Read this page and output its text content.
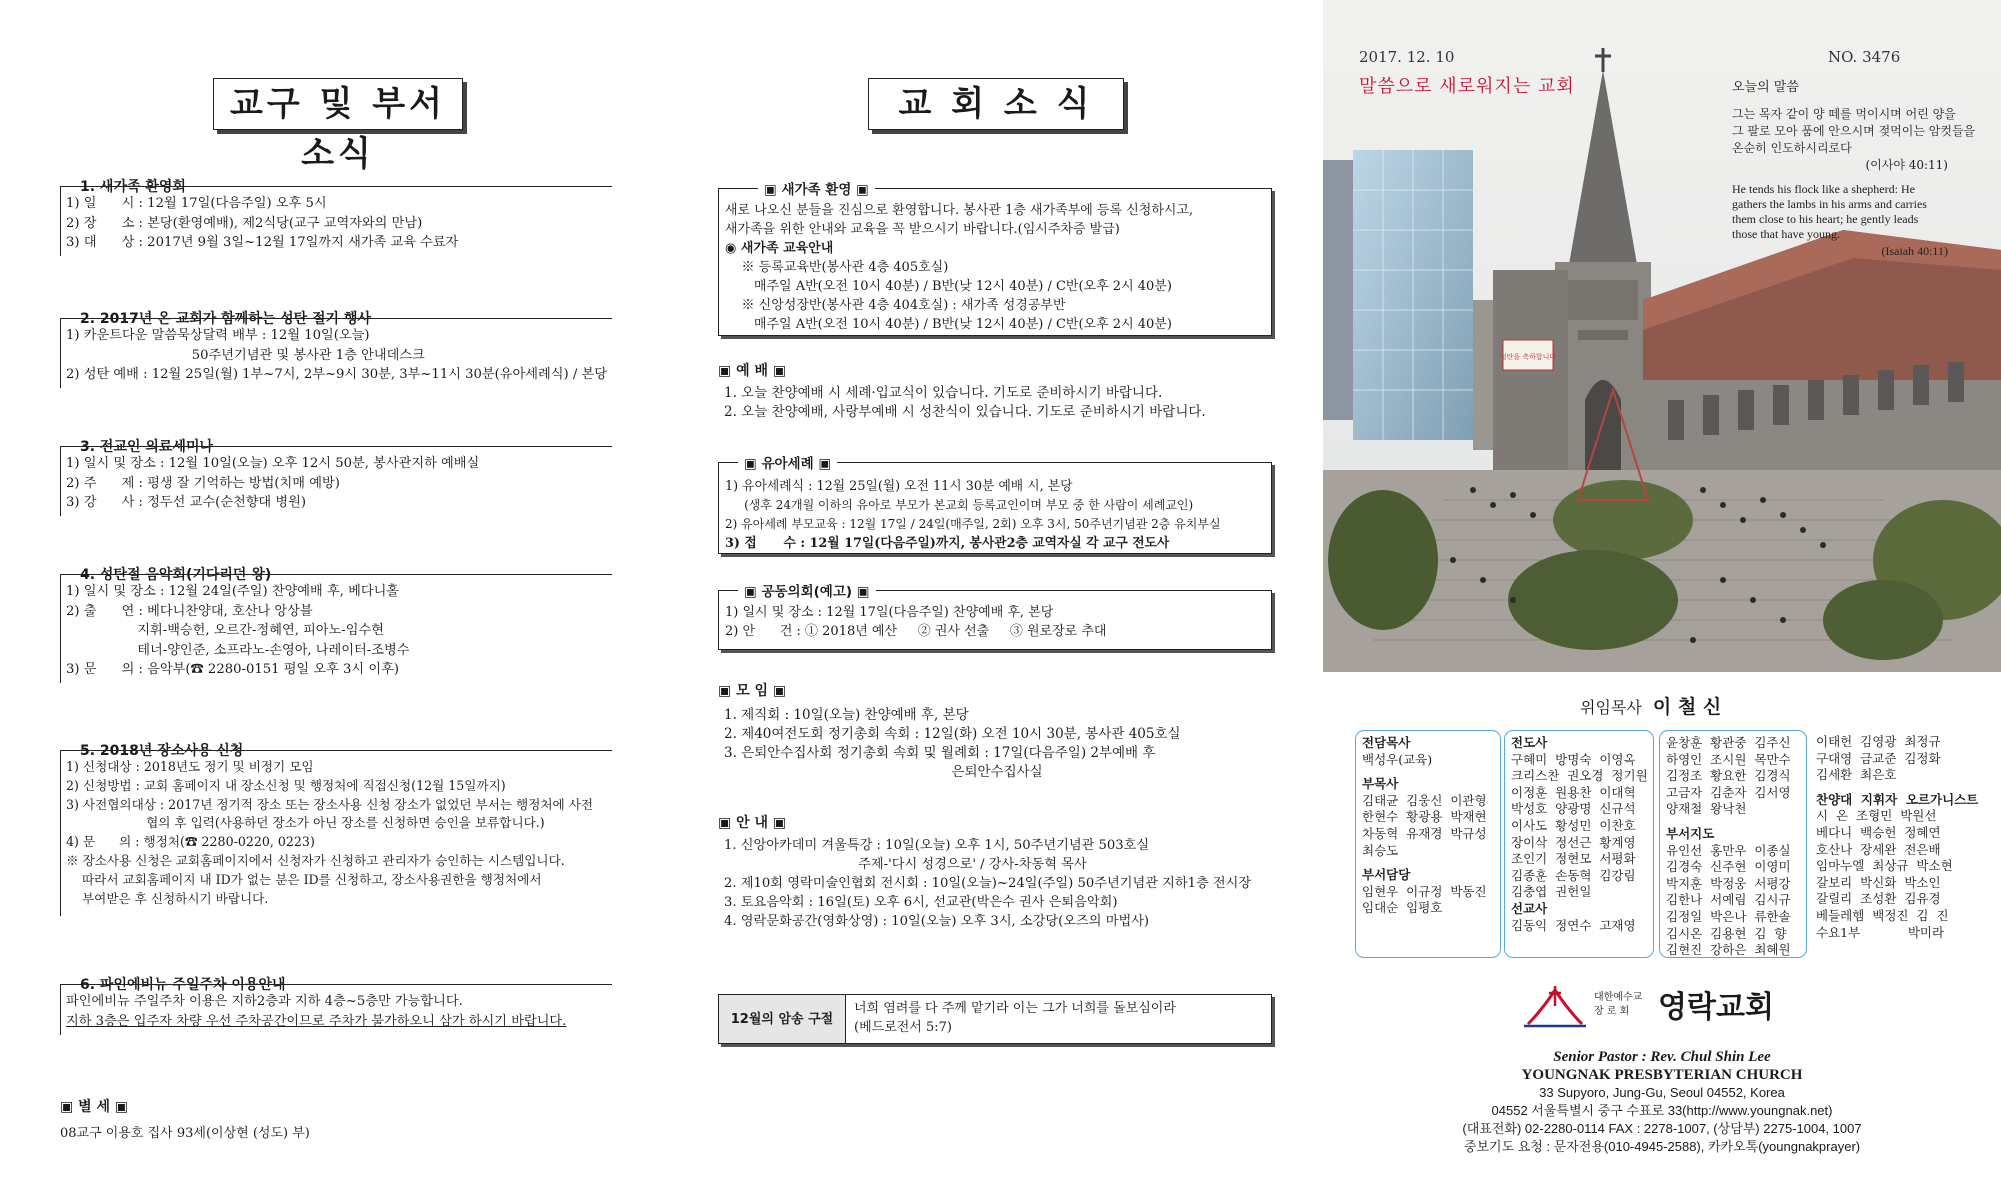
교구 및 부서소식
1. 새가족 환영회
1) 일      시 : 12월 17일(다음주일) 오후 5시
2) 장      소 : 본당(환영예배), 제2식당(교구 교역자와의 만남)
3) 대      상 : 2017년 9월 3일~12월 17일까지 새가족 교육 수료자
2. 2017년 온 교회가 함께하는 성탄 절기 행사
1) 카운트다운 말씀묵상달력 배부 : 12월 10일(오늘)
50주년기념관 및 봉사관 1층 안내데스크
2) 성탄 예배 : 12월 25일(월) 1부~7시, 2부~9시 30분, 3부~11시 30분(유아세례식) / 본당
3. 전교인 의료세미나
1) 일시 및 장소 : 12월 10일(오늘) 오후 12시 50분, 봉사관지하 예배실
2) 주      제 : 평생 잘 기억하는 방법(치매 예방)
3) 강      사 : 정두선 교수(순천향대 병원)
4. 성탄절 음악회(기다리던 왕)
1) 일시 및 장소 : 12월 24일(주일) 찬양예배 후, 베다니홀
2) 출      연 : 베다니찬양대, 호산나 앙상블
지휘-백승헌, 오르간-정혜연, 피아노-임수현
테너-양인준, 소프라노-손영아, 나레이터-조병수
3) 문      의 : 음악부(☎ 2280-0151 평일 오후 3시 이후)
5. 2018년 장소사용 신청
1) 신청대상 : 2018년도 정기 및 비정기 모임
2) 신청방법 : 교회 홈페이지 내 장소신청 및 행정처에 직접신청(12월 15일까지)
3) 사전협의대상 : 2017년 정기적 장소 또는 장소사용 신청 장소가 없었던 부서는 행정처에 사전
협의 후 입력(사용하던 장소가 아닌 장소를 신청하면 승인을 보류합니다.)
4) 문      의 : 행정처(☎ 2280-0220, 0223)
※ 장소사용 신청은 교회홈페이지에서 신청자가 신청하고 관리자가 승인하는 시스템입니다.
따라서 교회홈페이지 내 ID가 없는 분은 ID를 신청하고, 장소사용권한을 행정처에서
부여받은 후 신청하시기 바랍니다.
6. 파인에비뉴 주일주차 이용안내
파인에비뉴 주일주차 이용은 지하2층과 지하 4층~5층만 가능합니다.
지하 3층은 입주자 차량 우선 주차공간이므로 주차가 불가하오니 삼가 하시기 바랍니다.
▣ 별 세 ▣
08교구 이용호 집사 93세(이상현 (성도) 부)
교 회 소 식
새로 나오신 분들을 진심으로 환영합니다. 봉사관 1층 새가족부에 등록 신청하시고,
새가족을 위한 안내와 교육을 꼭 받으시기 바랍니다.(임시주차증 발급)
◉ 새가족 교육안내
※ 등록교육반(봉사관 4층 405호실)
매주일 A반(오전 10시 40분) / B반(낮 12시 40분) / C반(오후 2시 40분)
※ 신앙성장반(봉사관 4층 404호실) : 새가족 성경공부반
매주일 A반(오전 10시 40분) / B반(낮 12시 40분) / C반(오후 2시 40분)
▣ 새가족 환영 ▣
▣ 예 배 ▣
1. 오늘 찬양예배 시 세례·입교식이 있습니다. 기도로 준비하시기 바랍니다.
2. 오늘 찬양예배, 사랑부예배 시 성찬식이 있습니다. 기도로 준비하시기 바랍니다.
1) 유아세례식 : 12월 25일(월) 오전 11시 30분 예배 시, 본당
(생후 24개월 이하의 유아로 부모가 본교회 등록교인이며 부모 중 한 사람이 세례교인)
2) 유아세례 부모교육 : 12월 17일 / 24일(매주일, 2회) 오후 3시, 50주년기념관 2층 유치부실
3) 접      수 : 12월 17일(다음주일)까지, 봉사관2층 교역자실 각 교구 전도사
▣ 유아세례 ▣
1) 일시 및 장소 : 12월 17일(다음주일) 찬양예배 후, 본당
2) 안      건 : ① 2018년 예산     ② 권사 선출     ③ 원로장로 추대
▣ 공동의회(예고) ▣
▣ 모 임 ▣
1. 제직회 : 10일(오늘) 찬양예배 후, 본당
2. 제40여전도회 정기총회 속회 : 12일(화) 오전 10시 30분, 봉사관 405호실
3. 은퇴안수집사회 정기총회 속회 및 월례회 : 17일(다음주일) 2부예배 후
은퇴안수집사실
▣ 안 내 ▣
1. 신앙아카데미 겨울특강 : 10일(오늘) 오후 1시, 50주년기념관 503호실
주제-'다시 성경으로' / 강사-차동혁 목사
2. 제10회 영락미술인협회 전시회 : 10일(오늘)~24일(주일) 50주년기념관 지하1층 전시장
3. 토요음악회 : 16일(토) 오후 6시, 선교관(박은수 권사 은퇴음악회)
4. 영락문화공간(영화상영) : 10일(오늘) 오후 3시, 소강당(오즈의 마법사)
12월의 암송 구절
너희 염려를 다 주께 맡기라 이는 그가 너희를 돌보심이라
(베드로전서 5:7)
성탄을 축하합니다
2017. 12. 10	NO. 3476
말씀으로 새로워지는 교회	오늘의 말씀
그는 목자 같이 양 떼를 먹이시며 어린 양을
그 팔로 모아 품에 안으시며 젖먹이는 암컷들을
온순히 인도하시리로다
(이사야 40:11)
He tends his flock like a shepherd: He
gathers the lambs in his arms and carries
them close to his heart; he gently leads
those that have young.
(Isaiah 40:11)
위임목사 이 철 신
전담목사
백성우(교육)
부목사
김태균  김웅신  이관형
한현수  황광용  박재현
차동혁  유재경  박규성
최승도
부서담당
임현우  이규정  박동진
임대순  임평호
전도사
구혜미  방명숙  이영옥
크리스찬  권오경  정기원
이정훈  원용찬  이대혁
박성호  양광명  신규석
이사도  황성민  이찬호
장이삭  정선근  황계영
조인기  정현모  서평화
김종훈  손동혁  김강림
김충엽  권헌일
선교사
김동익  정연수  고재영
윤창훈  황관중  김주신
하영인  조시원  목만수
김정조  황요한  김경식
고금자  김춘자  김서영
양재철  왕낙천
부서지도
유인선  홍만우  이종실
김경숙  신주현  이영미
박지훈  박정웅  서평강
김한나  서예림  김시규
김정일  박은나  류한솔
김시온  김용현  김  향
김현진  강하은  최혜원
이태헌  김영광  최정규
구대영  금교준  김정화
김세환  최은호
찬양대  지휘자  오르가니스트
시  온  조형민  박원선
베다니  백승헌  정혜연
호산나  장세완  전은배
임마누엘  최상규  박소현
갈보리  박신화  박소인
갈릴리  조성환  김유경
베들레헴  백정진  김  진
수요1부            박미라
대한예수교
장 로 회 영락교회
Senior Pastor : Rev. Chul Shin Lee
YOUNGNAK PRESBYTERIAN CHURCH
33 Supyoro, Jung-Gu, Seoul 04552, Korea
04552 서울특별시 중구 수표로 33(http://www.youngnak.net)
(대표전화) 02-2280-0114 FAX : 2278-1007, (상담부) 2275-1004, 1007
중보기도 요청 : 문자전용(010-4945-2588), 카카오톡(youngnakprayer)
